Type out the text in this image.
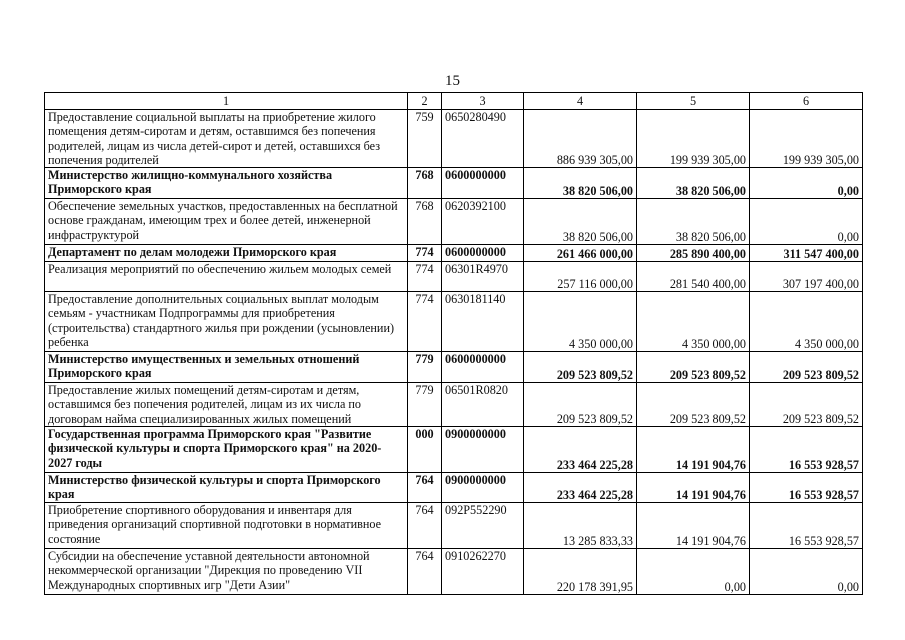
15
1	2	3	4	5	6
Предоставление социальной выплаты на приобретение жилого помещения детям-сиротам и детям, оставшимся без попечения родителей, лицам из числа детей-сирот и детей, оставшихся без попечения родителей	759	0650280490	886 939 305,00	199 939 305,00	199 939 305,00
Министерство жилищно-коммунального хозяйства Приморского края	768	0600000000	38 820 506,00	38 820 506,00	0,00
Обеспечение земельных участков, предоставленных на бесплатной основе гражданам, имеющим трех и более детей, инженерной инфраструктурой	768	0620392100	38 820 506,00	38 820 506,00	0,00
Департамент по делам молодежи Приморского края	774	0600000000	261 466 000,00	285 890 400,00	311 547 400,00
Реализация мероприятий по обеспечению жильем молодых семей	774	06301R4970	257 116 000,00	281 540 400,00	307 197 400,00
Предоставление дополнительных социальных выплат молодым семьям - участникам Подпрограммы для приобретения (строительства) стандартного жилья при рождении (усыновлении) ребенка	774	0630181140	4 350 000,00	4 350 000,00	4 350 000,00
Министерство имущественных и земельных отношений Приморского края	779	0600000000	209 523 809,52	209 523 809,52	209 523 809,52
Предоставление жилых помещений детям-сиротам и детям, оставшимся без попечения родителей, лицам из их числа по договорам найма специализированных жилых помещений	779	06501R0820	209 523 809,52	209 523 809,52	209 523 809,52
Государственная программа Приморского края "Развитие физической культуры и спорта Приморского края" на 2020-2027 годы	000	0900000000	233 464 225,28	14 191 904,76	16 553 928,57
Министерство физической культуры и спорта Приморского края	764	0900000000	233 464 225,28	14 191 904,76	16 553 928,57
Приобретение спортивного оборудования и инвентаря для приведения организаций спортивной подготовки в нормативное состояние	764	092P552290	13 285 833,33	14 191 904,76	16 553 928,57
Субсидии на обеспечение уставной деятельности автономной некоммерческой организации "Дирекция по проведению VII Международных спортивных игр "Дети Азии"	764	0910262270	220 178 391,95	0,00	0,00
